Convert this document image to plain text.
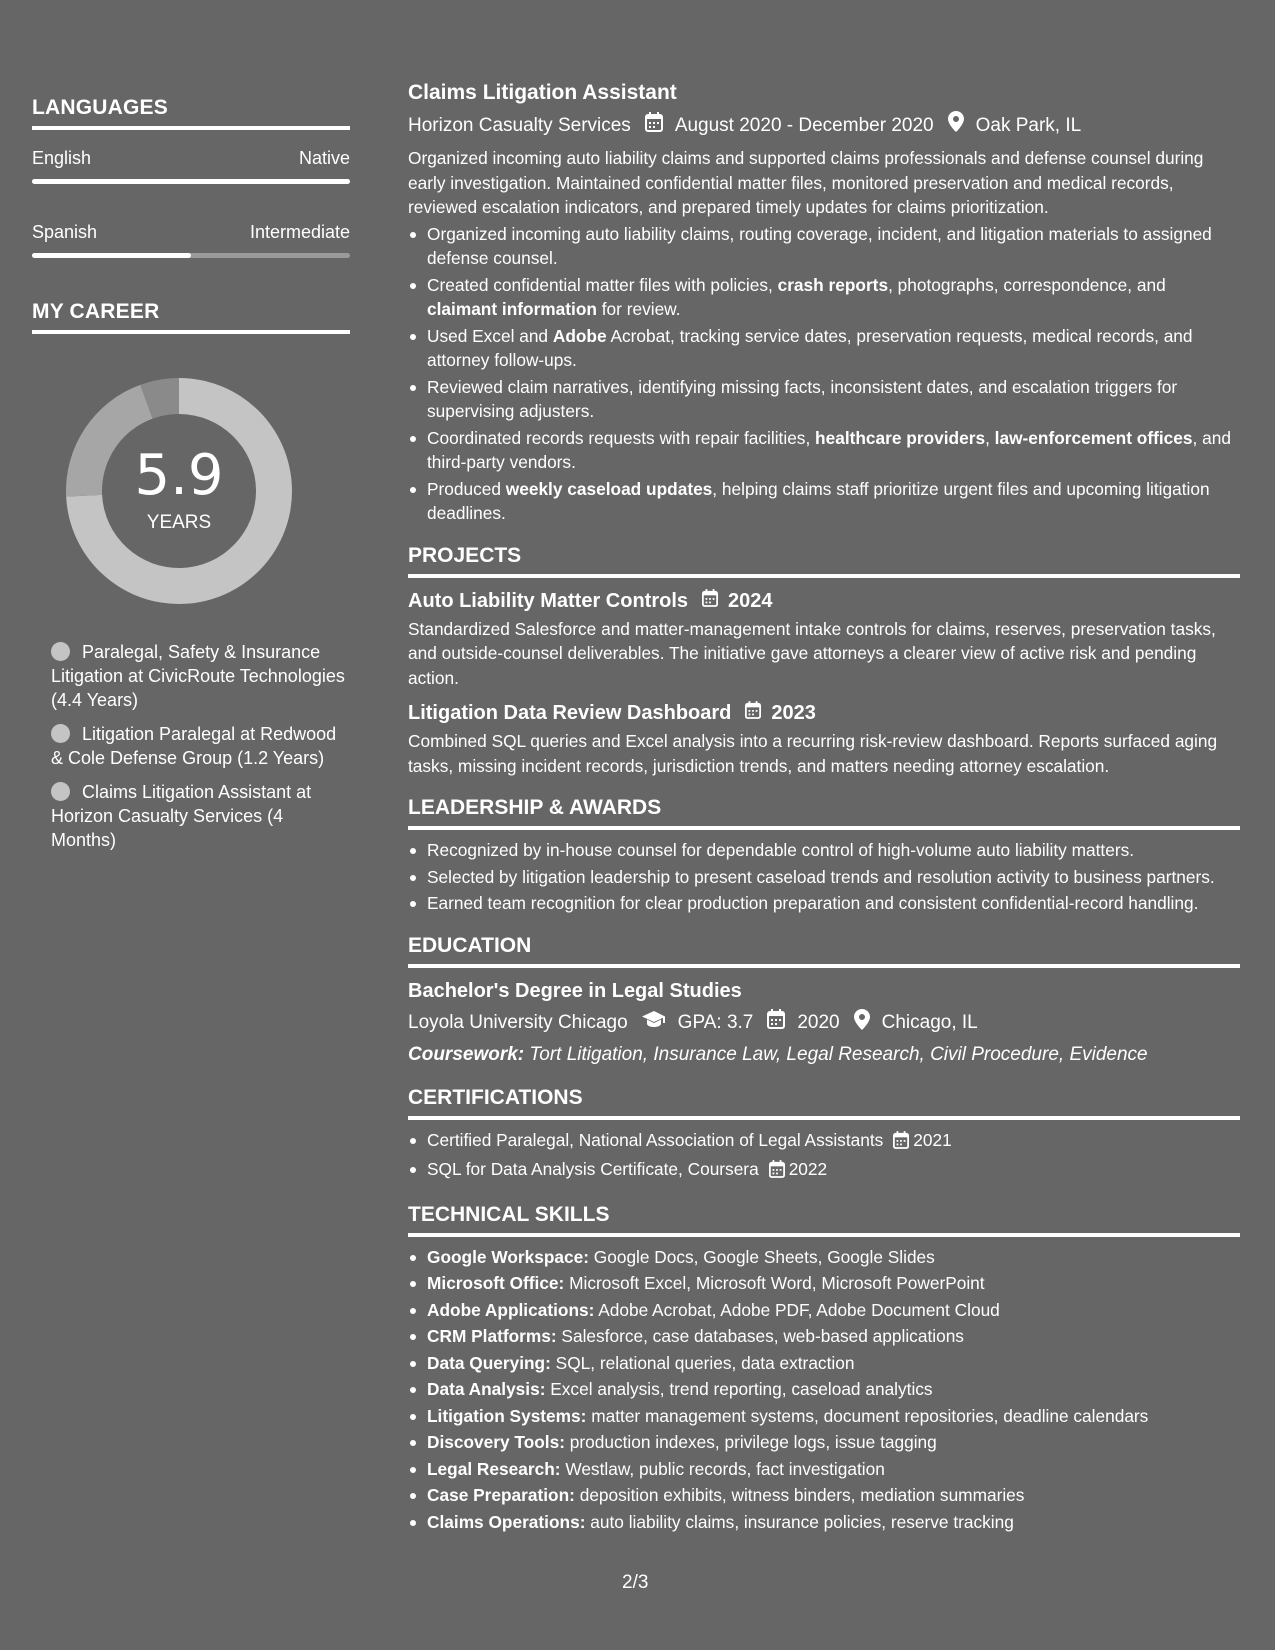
LANGUAGES
English	Native
Spanish	Intermediate
MY CAREER
5.9
YEARS
Paralegal, Safety & Insurance Litigation at CivicRoute Technologies (4.4 Years)
Litigation Paralegal at Redwood & Cole Defense Group (1.2 Years)
Claims Litigation Assistant at Horizon Casualty Services (4 Months)
Claims Litigation Assistant
Horizon Casualty Services August 2020 - December 2020 Oak Park, IL
Organized incoming auto liability claims and supported claims professionals and defense counsel during early investigation. Maintained confidential matter files, monitored preservation and medical records, reviewed escalation indicators, and prepared timely updates for claims prioritization.
Organized incoming auto liability claims, routing coverage, incident, and litigation materials to assigned defense counsel.
Created confidential matter files with policies, crash reports, photographs, correspondence, and claimant information for review.
Used Excel and Adobe Acrobat, tracking service dates, preservation requests, medical records, and attorney follow-ups.
Reviewed claim narratives, identifying missing facts, inconsistent dates, and escalation triggers for supervising adjusters.
Coordinated records requests with repair facilities, healthcare providers, law-enforcement offices, and third-party vendors.
Produced weekly caseload updates, helping claims staff prioritize urgent files and upcoming litigation deadlines.
PROJECTS
Auto Liability Matter Controls 2024
Standardized Salesforce and matter-management intake controls for claims, reserves, preservation tasks, and outside-counsel deliverables. The initiative gave attorneys a clearer view of active risk and pending action.
Litigation Data Review Dashboard 2023
Combined SQL queries and Excel analysis into a recurring risk-review dashboard. Reports surfaced aging tasks, missing incident records, jurisdiction trends, and matters needing attorney escalation.
LEADERSHIP & AWARDS
Recognized by in-house counsel for dependable control of high-volume auto liability matters.
Selected by litigation leadership to present caseload trends and resolution activity to business partners.
Earned team recognition for clear production preparation and consistent confidential-record handling.
EDUCATION
Bachelor's Degree in Legal Studies
Loyola University Chicago	GPA: 3.7 2020 Chicago, IL
Coursework: Tort Litigation, Insurance Law, Legal Research, Civil Procedure, Evidence
CERTIFICATIONS
Certified Paralegal, National Association of Legal Assistants 2021
SQL for Data Analysis Certificate, Coursera 2022
TECHNICAL SKILLS
Google Workspace: Google Docs, Google Sheets, Google Slides
Microsoft Office: Microsoft Excel, Microsoft Word, Microsoft PowerPoint
Adobe Applications: Adobe Acrobat, Adobe PDF, Adobe Document Cloud
CRM Platforms: Salesforce, case databases, web-based applications
Data Querying: SQL, relational queries, data extraction
Data Analysis: Excel analysis, trend reporting, caseload analytics
Litigation Systems: matter management systems, document repositories, deadline calendars
Discovery Tools: production indexes, privilege logs, issue tagging
Legal Research: Westlaw, public records, fact investigation
Case Preparation: deposition exhibits, witness binders, mediation summaries
Claims Operations: auto liability claims, insurance policies, reserve tracking
2/3
